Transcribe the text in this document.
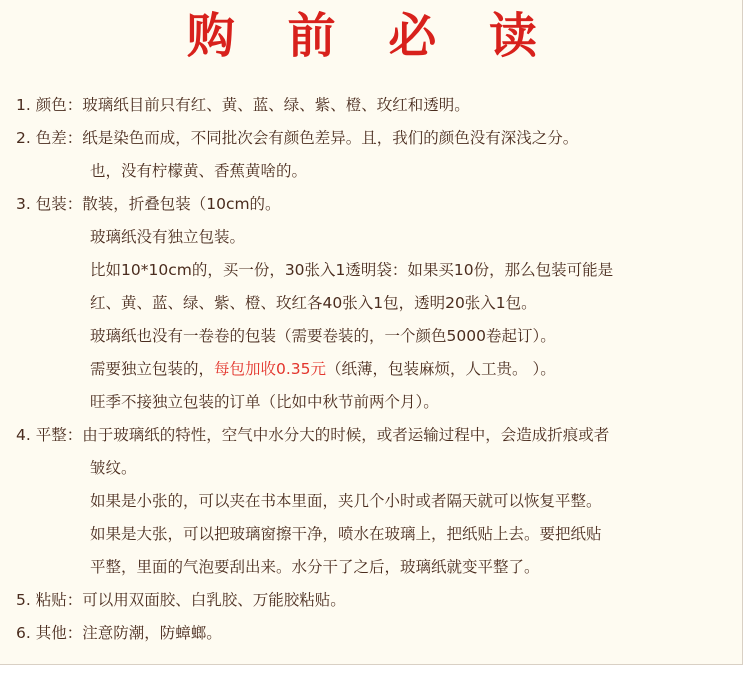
购 前 必 读
1. 颜色：玻璃纸目前只有红、黄、蓝、绿、紫、橙、玫红和透明。
2. 色差：纸是染色而成，不同批次会有颜色差异。且，我们的颜色没有深浅之分。
也，没有柠檬黄、香蕉黄啥的。
3. 包装：散装，折叠包装（10cm的。
玻璃纸没有独立包装。
比如10*10cm的，买一份，30张入1透明袋：如果买10份，那么包装可能是
红、黄、蓝、绿、紫、橙、玫红各40张入1包，透明20张入1包。
玻璃纸也没有一卷卷的包装（需要卷装的，一个颜色5000卷起订）。
需要独立包装的，每包加收0.35元（纸薄，包装麻烦，人工贵。 ）。
旺季不接独立包装的订单（比如中秋节前两个月）。
4. 平整：由于玻璃纸的特性，空气中水分大的时候，或者运输过程中，会造成折痕或者
皱纹。
如果是小张的，可以夹在书本里面，夹几个小时或者隔天就可以恢复平整。
如果是大张，可以把玻璃窗擦干净，喷水在玻璃上，把纸贴上去。要把纸贴
平整，里面的气泡要刮出来。水分干了之后，玻璃纸就变平整了。
5. 粘贴：可以用双面胶、白乳胶、万能胶粘贴。
6. 其他：注意防潮，防蟑螂。
